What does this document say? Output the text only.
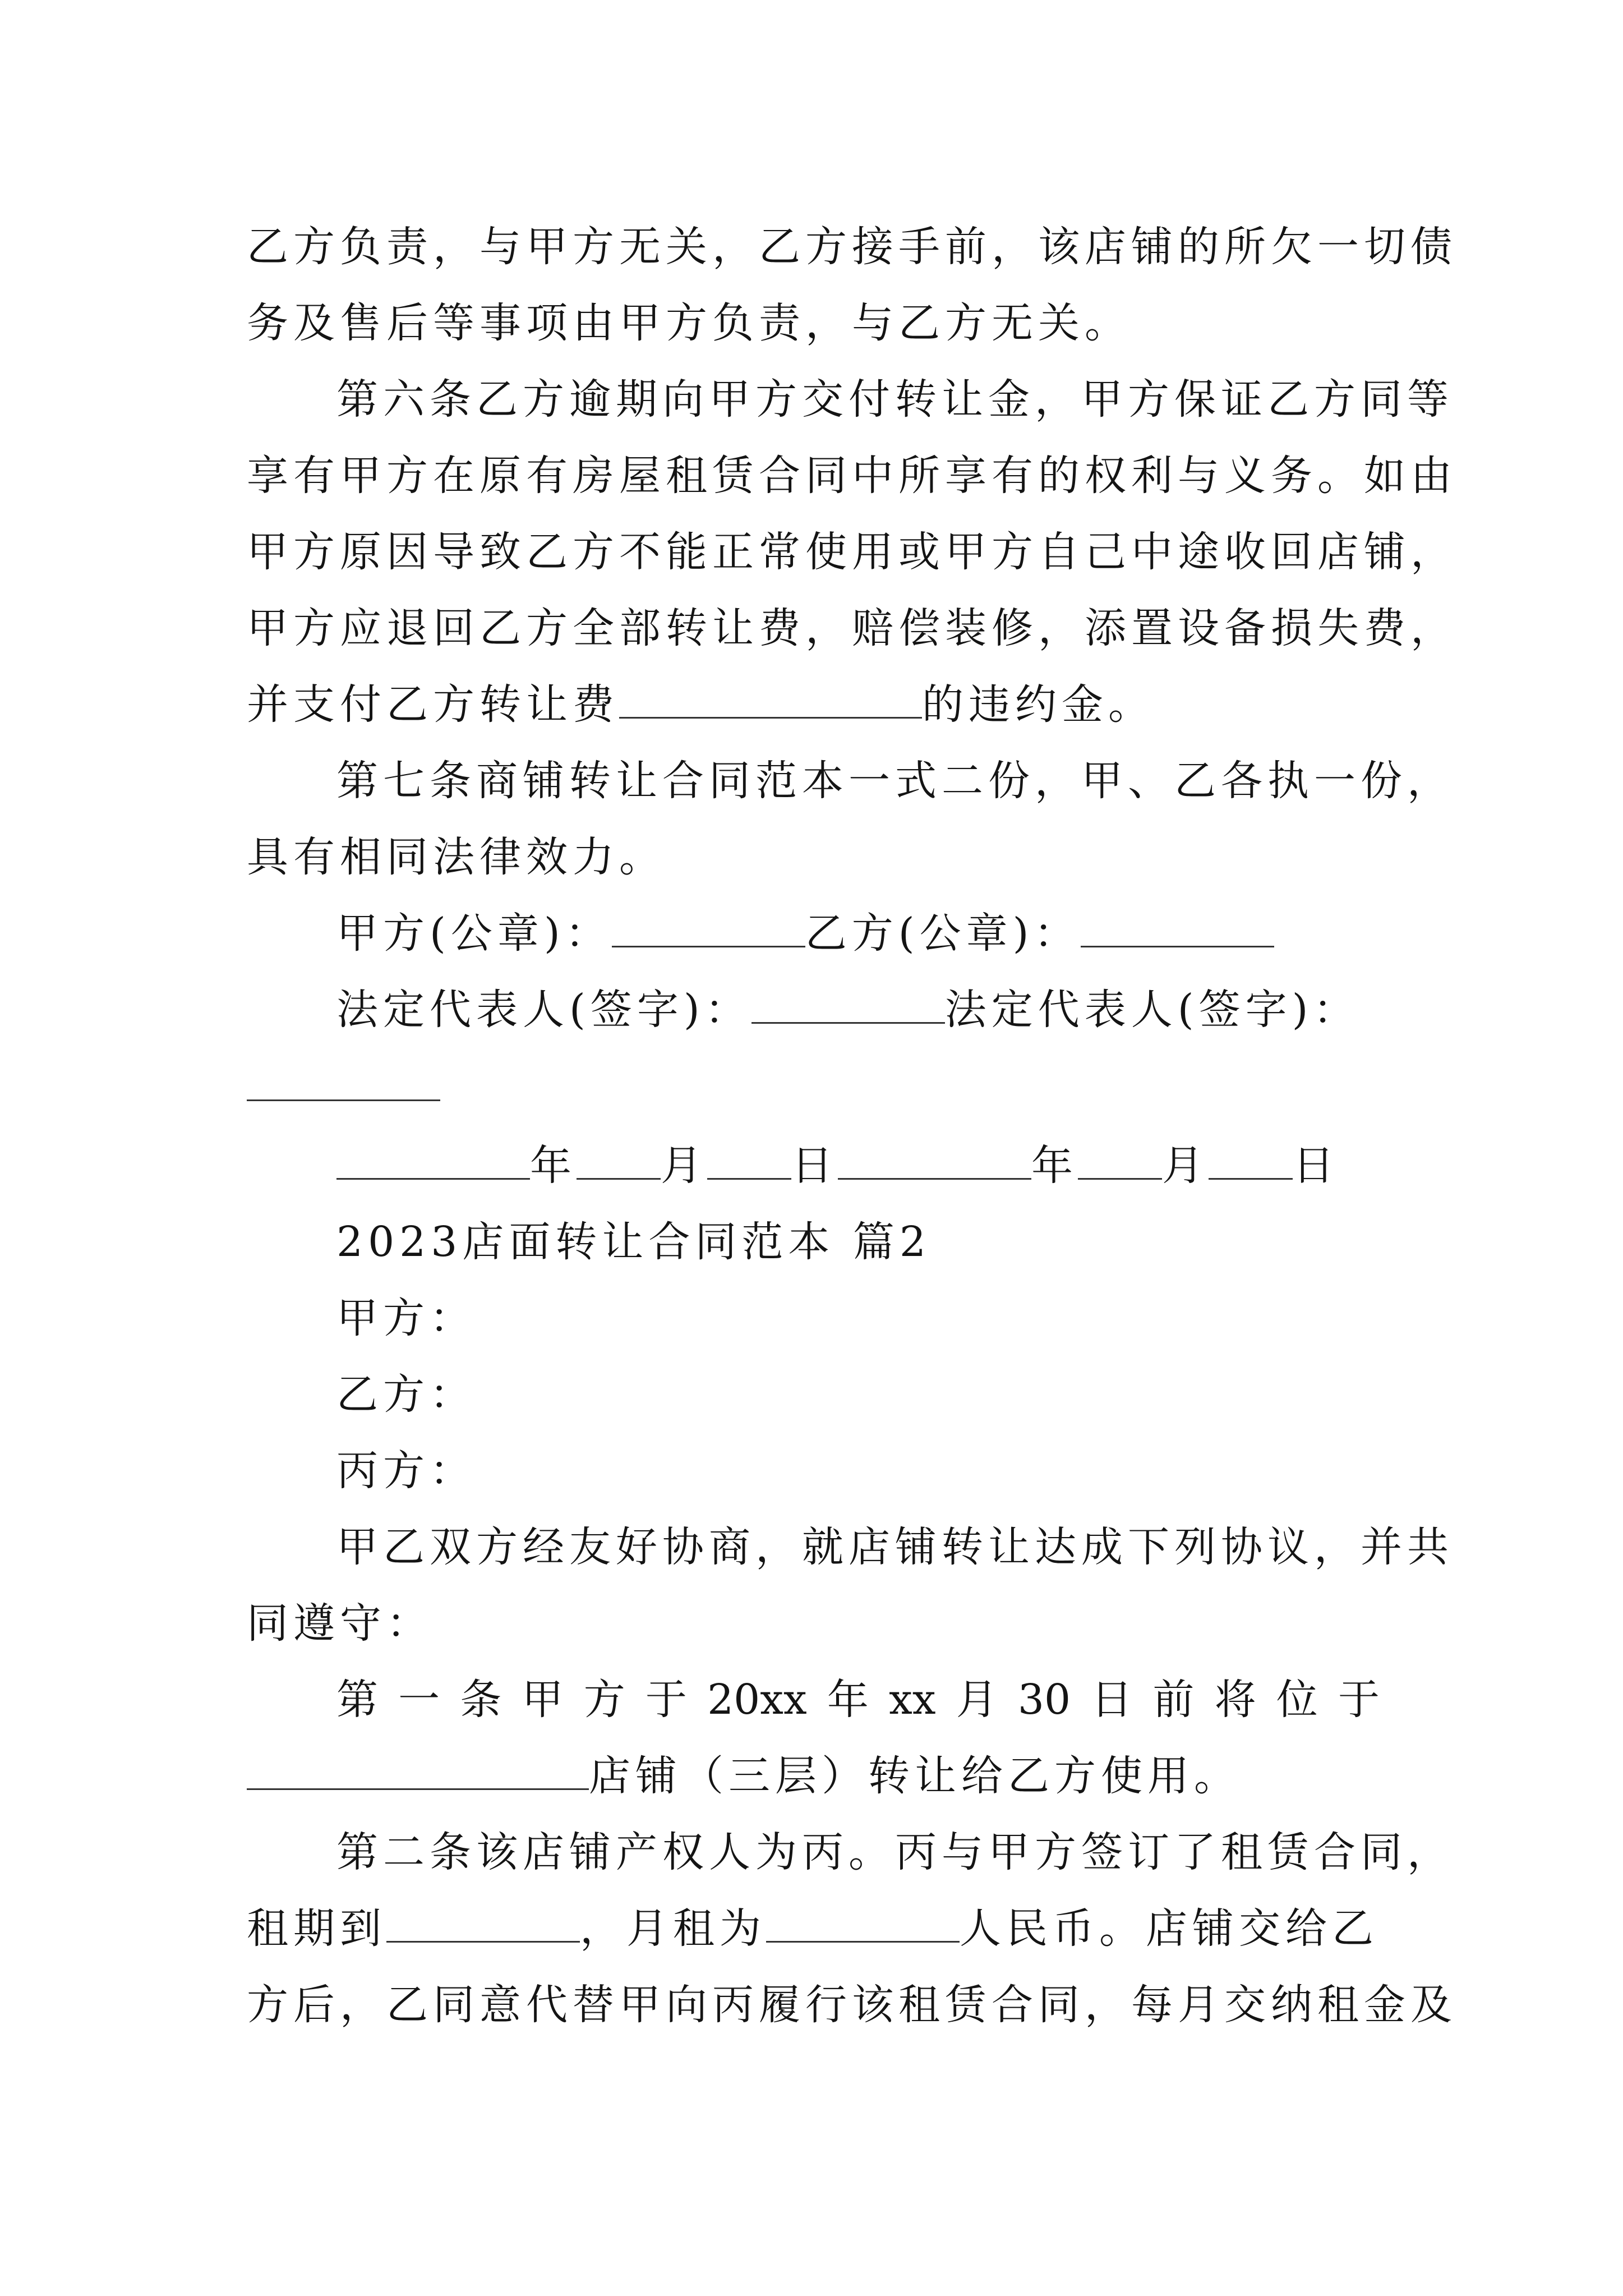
乙方负责，与甲方无关，乙方接手前，该店铺的所欠一切债
务及售后等事项由甲方负责，与乙方无关。
第六条乙方逾期向甲方交付转让金，甲方保证乙方同等
享有甲方在原有房屋租赁合同中所享有的权利与义务。如由
甲方原因导致乙方不能正常使用或甲方自己中途收回店铺，
甲方应退回乙方全部转让费，赔偿装修，添置设备损失费，
并支付乙方转让费	的违约金。
第七条商铺转让合同范本一式二份，甲、乙各执一份，
具有相同法律效力。
甲方(公章)：	乙方(公章)：
法定代表人(签字)：	法定代表人(签字)：
年 月 日	年 月 日
2023店面转让合同范本 篇2
甲方：
乙方：
丙方：
甲乙双方经友好协商，就店铺转让达成下列协议，并共
同遵守：
第一条甲方于20xx年xx月30日前将位于
店铺（三层）转让给乙方使用。
第二条该店铺产权人为丙。丙与甲方签订了租赁合同，
租期到	，月租为	人民币。店铺交给乙
方后，乙同意代替甲向丙履行该租赁合同，每月交纳租金及
